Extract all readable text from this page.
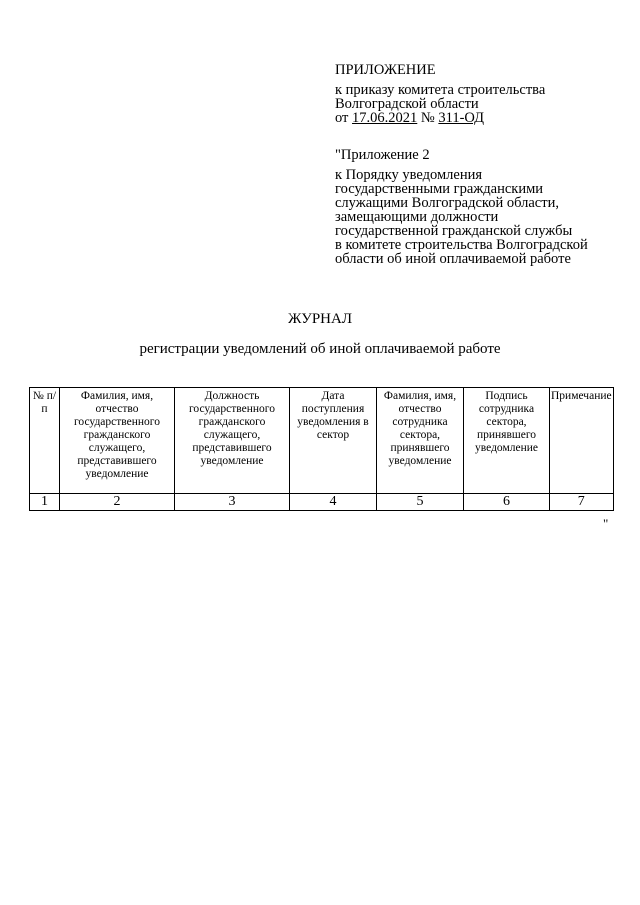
ПРИЛОЖЕНИЕ
к приказу комитета строительства
Волгоградской области
от 17.06.2021 № 311-ОД
"Приложение 2
к Порядку уведомления
государственными гражданскими
служащими Волгоградской области,
замещающими должности
государственной гражданской службы
в комитете строительства Волгоградской
области об иной оплачиваемой работе
ЖУРНАЛ
регистрации уведомлений об иной оплачиваемой работе
№ п/п	Фамилия, имя, отчество государственного гражданского служащего, представившего уведомление	Должность государственного гражданского служащего, представившего уведомление	Дата поступления уведомления в сектор	Фамилия, имя, отчество сотрудника сектора, принявшего уведомление	Подпись сотрудника сектора, принявшего уведомление	Примечание
1	2	3	4	5	6	7
"
